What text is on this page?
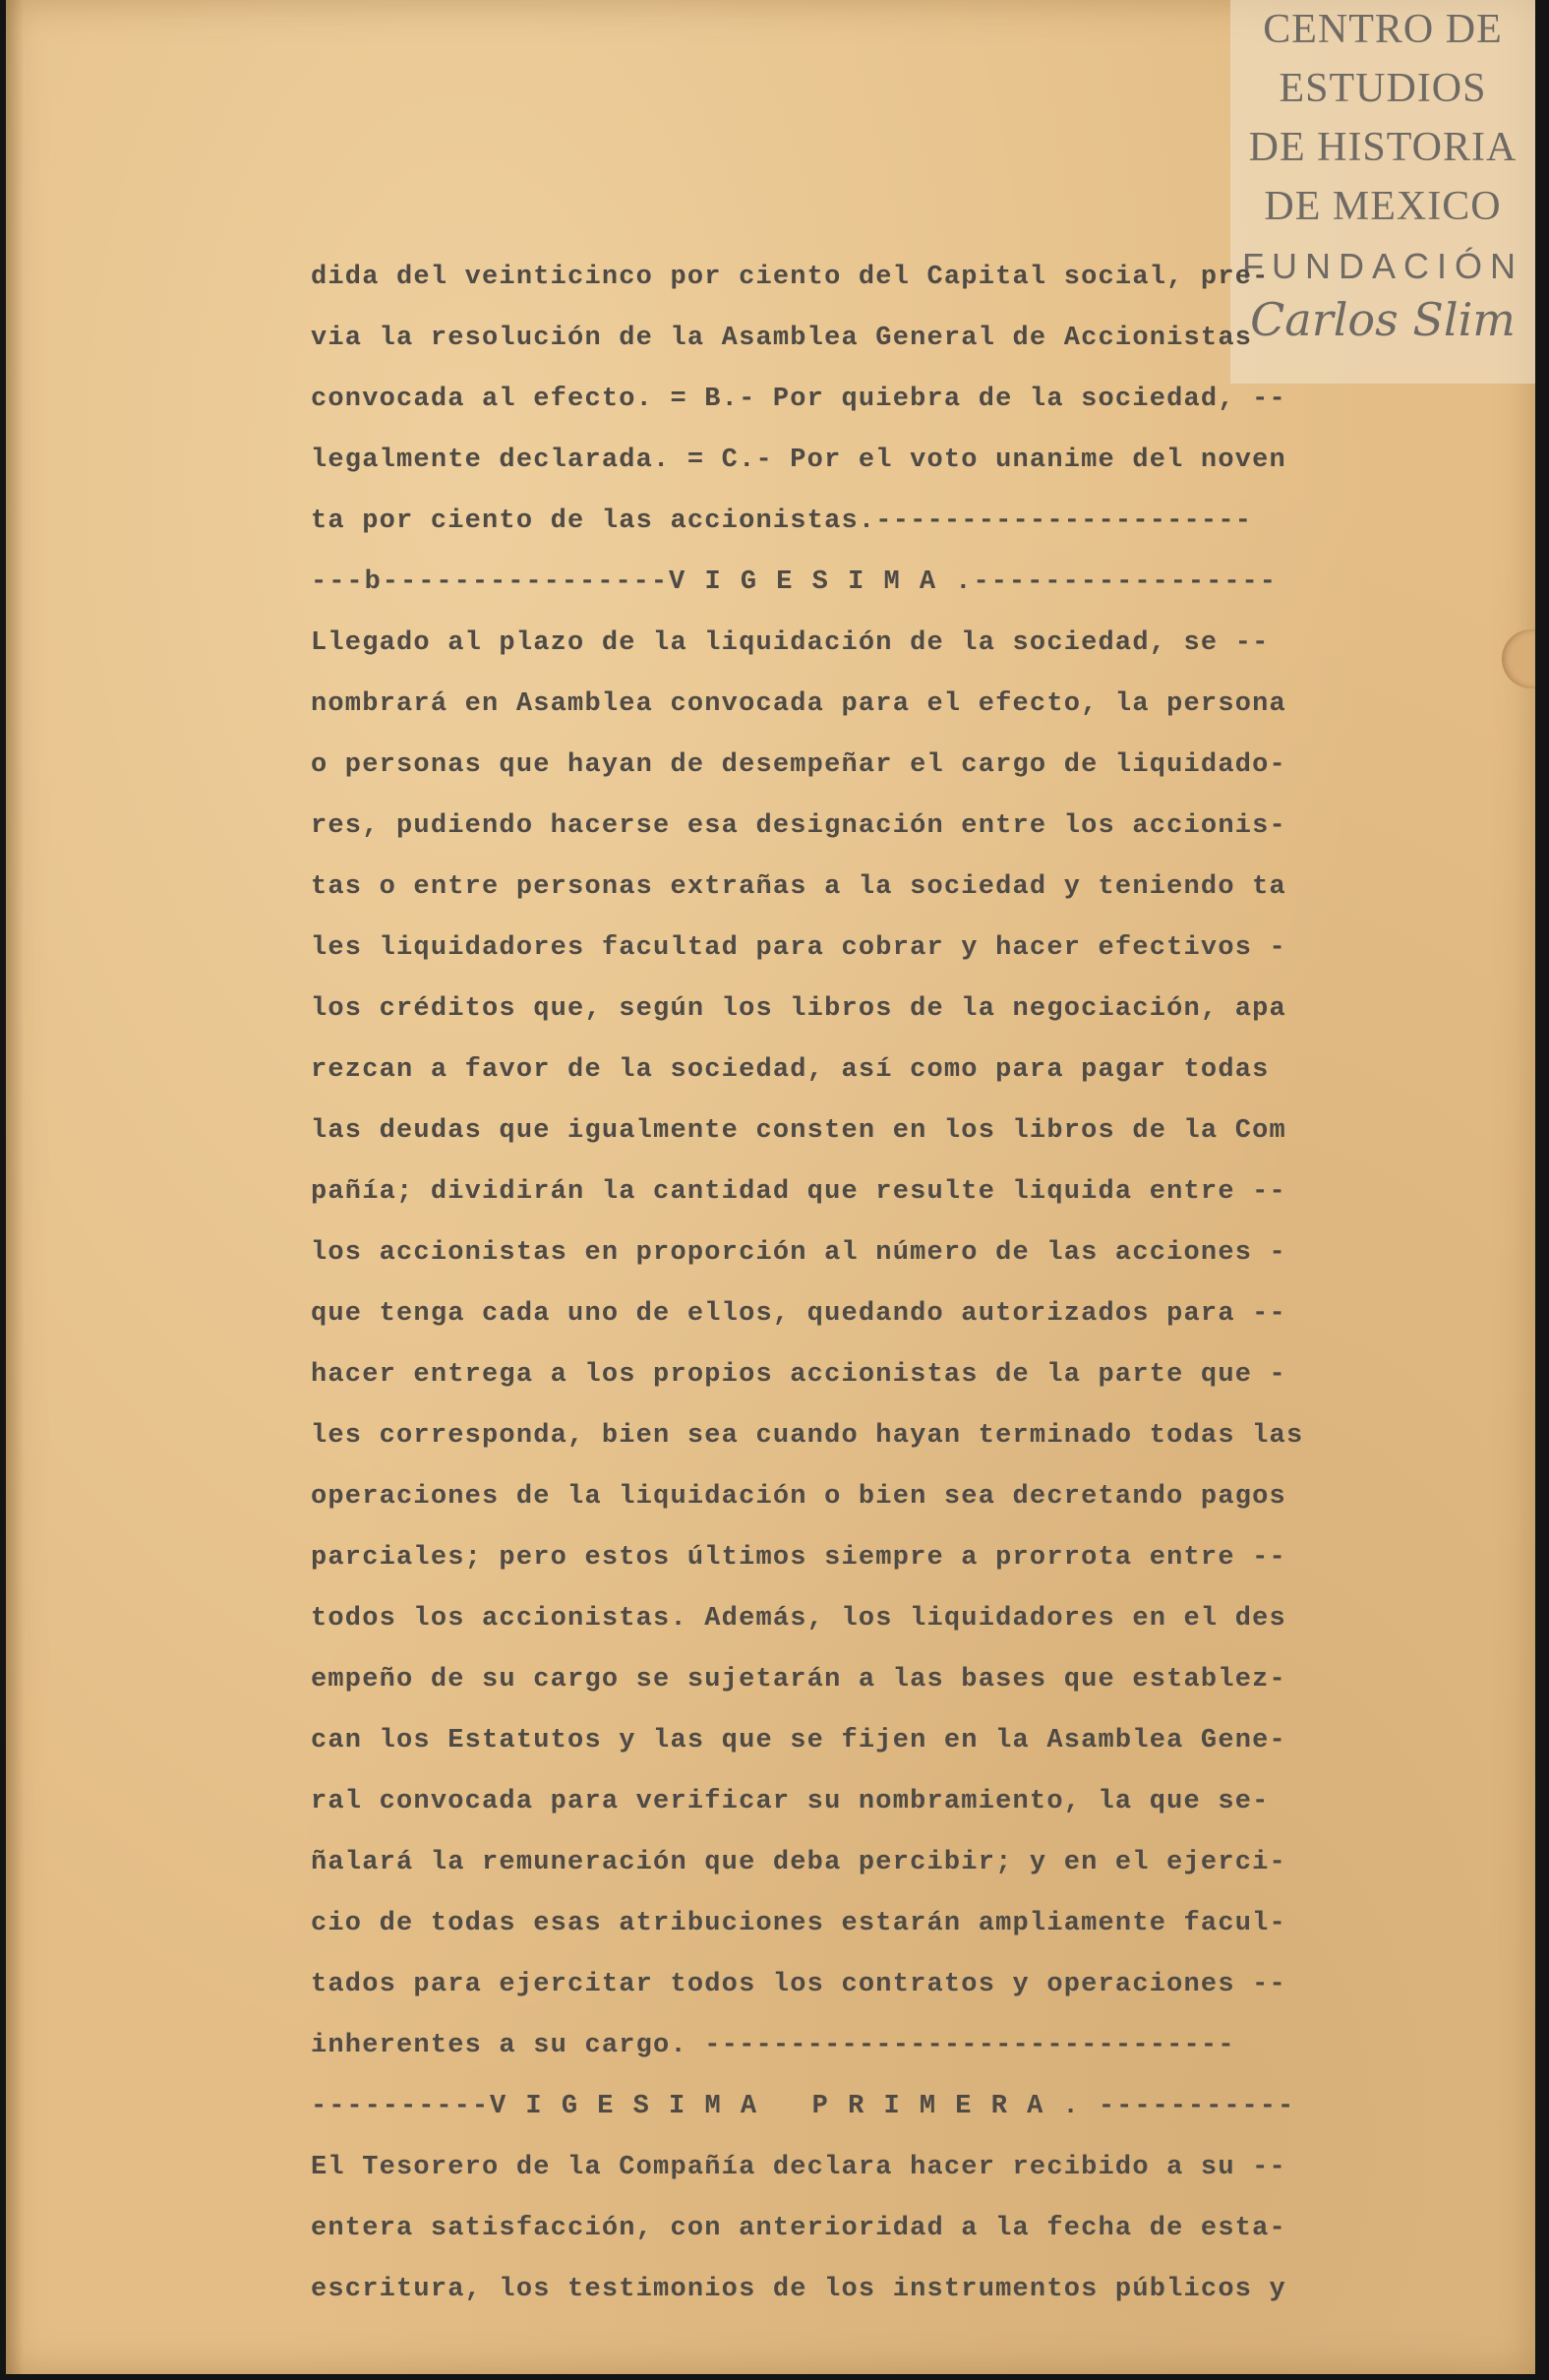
CENTRO DE
ESTUDIOS
DE HISTORIA
DE MEXICO
FUNDACIÓN
Carlos Slim
dida del veinticinco por ciento del Capital social, pre-
via la resolución de la Asamblea General de Accionistas
convocada al efecto. = B.- Por quiebra de la sociedad, --
legalmente declarada. = C.- Por el voto unanime del noven
ta por ciento de las accionistas.----------------------
---b----------------V I G E S I M A .-----------------
Llegado al plazo de la liquidación de la sociedad, se --
nombrará en Asamblea convocada para el efecto, la persona
o personas que hayan de desempeñar el cargo de liquidado-
res, pudiendo hacerse esa designación entre los accionis-
tas o entre personas extrañas a la sociedad y teniendo ta
les liquidadores facultad para cobrar y hacer efectivos -
los créditos que, según los libros de la negociación, apa
rezcan a favor de la sociedad, así como para pagar todas
las deudas que igualmente consten en los libros de la Com
pañía; dividirán la cantidad que resulte liquida entre --
los accionistas en proporción al número de las acciones -
que tenga cada uno de ellos, quedando autorizados para --
hacer entrega a los propios accionistas de la parte que -
les corresponda, bien sea cuando hayan terminado todas las
operaciones de la liquidación o bien sea decretando pagos
parciales; pero estos últimos siempre a prorrota entre --
todos los accionistas. Además, los liquidadores en el des
empeño de su cargo se sujetarán a las bases que establez-
can los Estatutos y las que se fijen en la Asamblea Gene-
ral convocada para verificar su nombramiento, la que se-
ñalará la remuneración que deba percibir; y en el ejerci-
cio de todas esas atribuciones estarán ampliamente facul-
tados para ejercitar todos los contratos y operaciones --
inherentes a su cargo. -------------------------------
----------V I G E S I M A   P R I M E R A . -----------
El Tesorero de la Compañía declara hacer recibido a su --
entera satisfacción, con anterioridad a la fecha de esta-
escritura, los testimonios de los instrumentos públicos y
